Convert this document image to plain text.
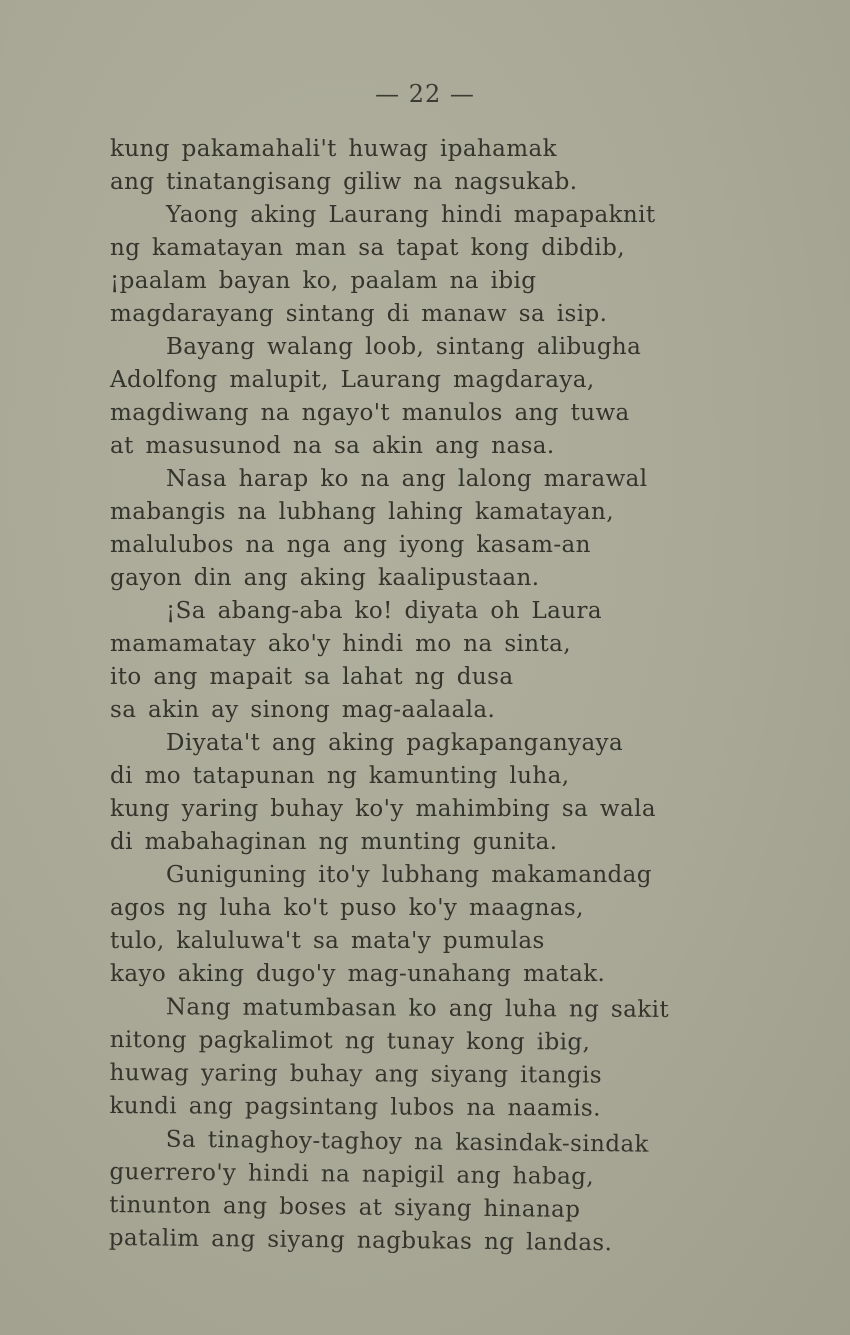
— 22 —
kung pakamahali't huwag ipahamak
ang tinatangisang giliw na nagsukab.
Yaong aking Laurang hindi mapapaknit
ng kamatayan man sa tapat kong dibdib,
¡paalam bayan ko, paalam na ibig
magdarayang sintang di manaw sa isip.
Bayang walang loob, sintang alibugha
Adolfong malupit, Laurang magdaraya,
magdiwang na ngayo't manulos ang tuwa
at masusunod na sa akin ang nasa.
Nasa harap ko na ang lalong marawal
mabangis na lubhang lahing kamatayan,
malulubos na nga ang iyong kasam-an
gayon din ang aking kaalipustaan.
¡Sa abang-aba ko! diyata oh Laura
mamamatay ako'y hindi mo na sinta,
ito ang mapait sa lahat ng dusa
sa akin ay sinong mag-aalaala.
Diyata't ang aking pagkapanganyaya
di mo tatapunan ng kamunting luha,
kung yaring buhay ko'y mahimbing sa wala
di mabahaginan ng munting gunita.
Guniguning ito'y lubhang makamandag
agos ng luha ko't puso ko'y maagnas,
tulo, kaluluwa't sa mata'y pumulas
kayo aking dugo'y mag-unahang matak.
Nang matumbasan ko ang luha ng sakit
nitong pagkalimot ng tunay kong ibig,
huwag yaring buhay ang siyang itangis
kundi ang pagsintang lubos na naamis.
Sa tinaghoy-taghoy na kasindak-sindak
guerrero'y hindi na napigil ang habag,
tinunton ang boses at siyang hinanap
patalim ang siyang nagbukas ng landas.
